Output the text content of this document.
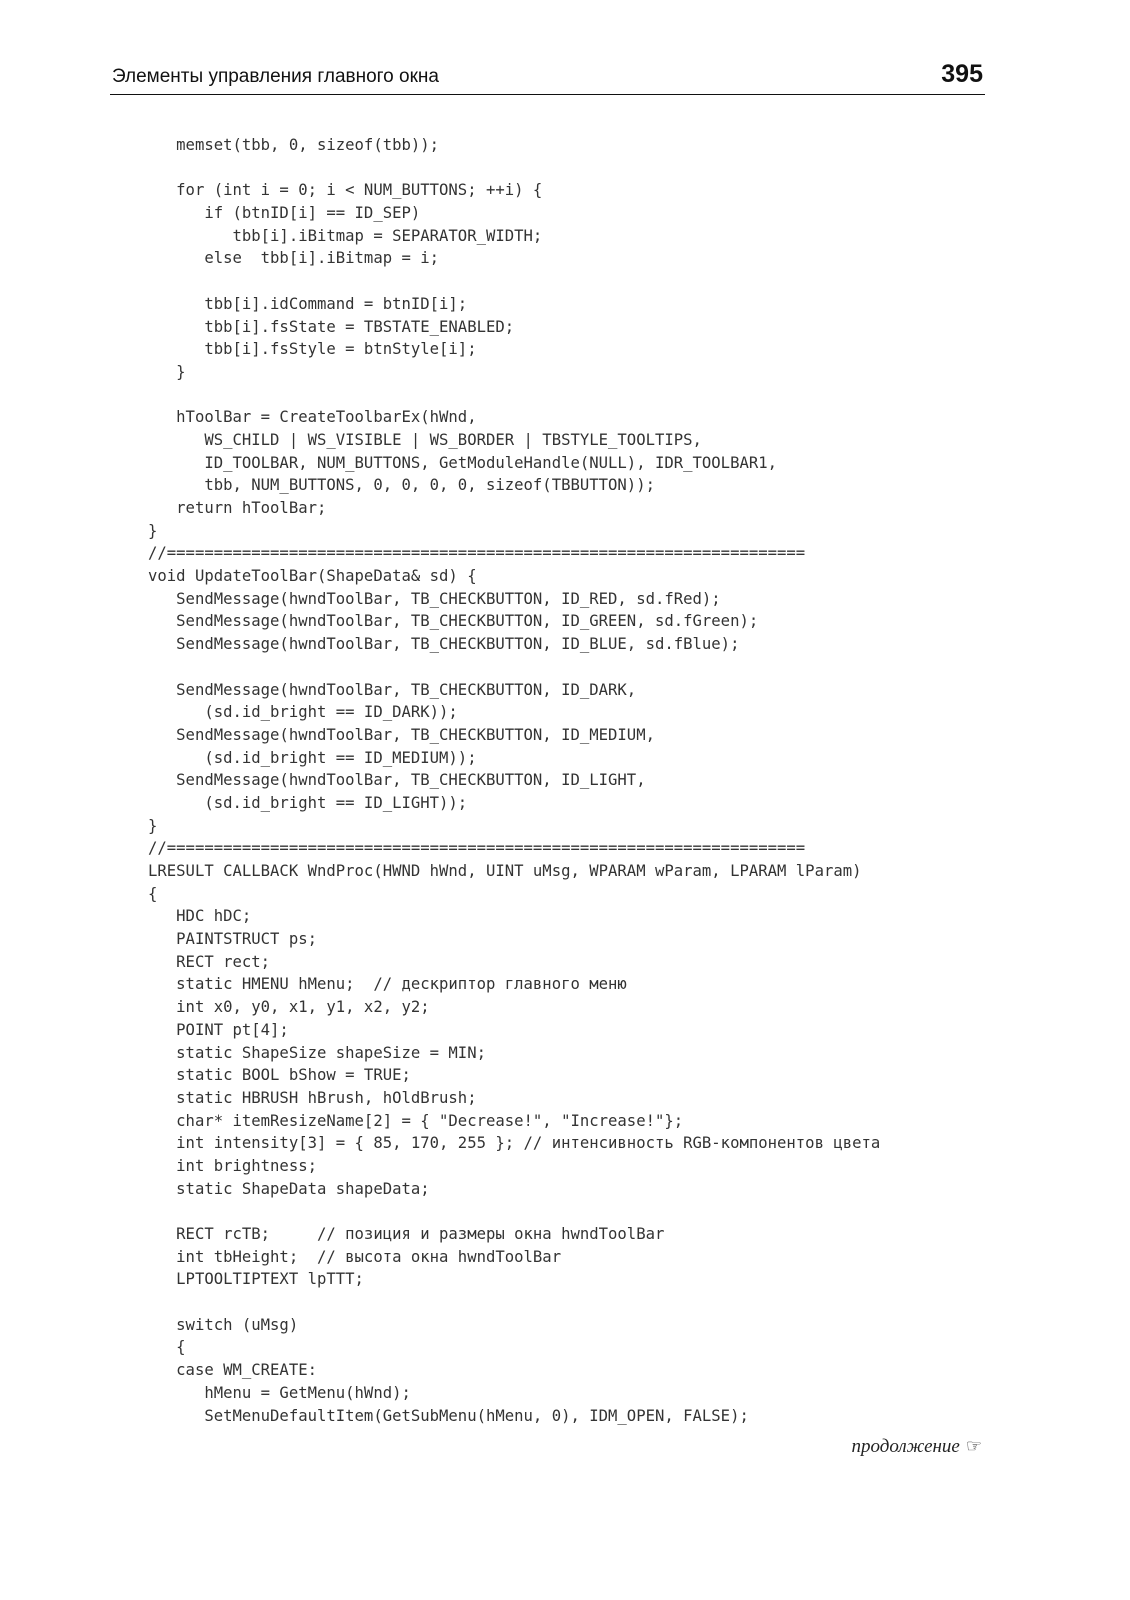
Элементы управления главного окна	395
memset(tbb, 0, sizeof(tbb));
for (int i = 0; i < NUM_BUTTONS; ++i) {
if (btnID[i] == ID_SEP)
tbb[i].iBitmap = SEPARATOR_WIDTH;
else  tbb[i].iBitmap = i;
tbb[i].idCommand = btnID[i];
tbb[i].fsState = TBSTATE_ENABLED;
tbb[i].fsStyle = btnStyle[i];
}
hToolBar = CreateToolbarEx(hWnd,
WS_CHILD | WS_VISIBLE | WS_BORDER | TBSTYLE_TOOLTIPS,
ID_TOOLBAR, NUM_BUTTONS, GetModuleHandle(NULL), IDR_TOOLBAR1,
tbb, NUM_BUTTONS, 0, 0, 0, 0, sizeof(TBBUTTON));
return hToolBar;
}
//====================================================================
void UpdateToolBar(ShapeData& sd) {
SendMessage(hwndToolBar, TB_CHECKBUTTON, ID_RED, sd.fRed);
SendMessage(hwndToolBar, TB_CHECKBUTTON, ID_GREEN, sd.fGreen);
SendMessage(hwndToolBar, TB_CHECKBUTTON, ID_BLUE, sd.fBlue);
SendMessage(hwndToolBar, TB_CHECKBUTTON, ID_DARK,
(sd.id_bright == ID_DARK));
SendMessage(hwndToolBar, TB_CHECKBUTTON, ID_MEDIUM,
(sd.id_bright == ID_MEDIUM));
SendMessage(hwndToolBar, TB_CHECKBUTTON, ID_LIGHT,
(sd.id_bright == ID_LIGHT));
}
//====================================================================
LRESULT CALLBACK WndProc(HWND hWnd, UINT uMsg, WPARAM wParam, LPARAM lParam)
{
HDC hDC;
PAINTSTRUCT ps;
RECT rect;
static HMENU hMenu;  // дескриптор главного меню
int x0, y0, x1, y1, x2, y2;
POINT pt[4];
static ShapeSize shapeSize = MIN;
static BOOL bShow = TRUE;
static HBRUSH hBrush, hOldBrush;
char* itemResizeName[2] = { "Decrease!", "Increase!"};
int intensity[3] = { 85, 170, 255 }; // интенсивность RGB-компонентов цвета
int brightness;
static ShapeData shapeData;
RECT rcTB;     // позиция и размеры окна hwndToolBar
int tbHeight;  // высота окна hwndToolBar
LPTOOLTIPTEXT lpTTT;
switch (uMsg)
{
case WM_CREATE:
hMenu = GetMenu(hWnd);
SetMenuDefaultItem(GetSubMenu(hMenu, 0), IDM_OPEN, FALSE);
продолжение ☞
